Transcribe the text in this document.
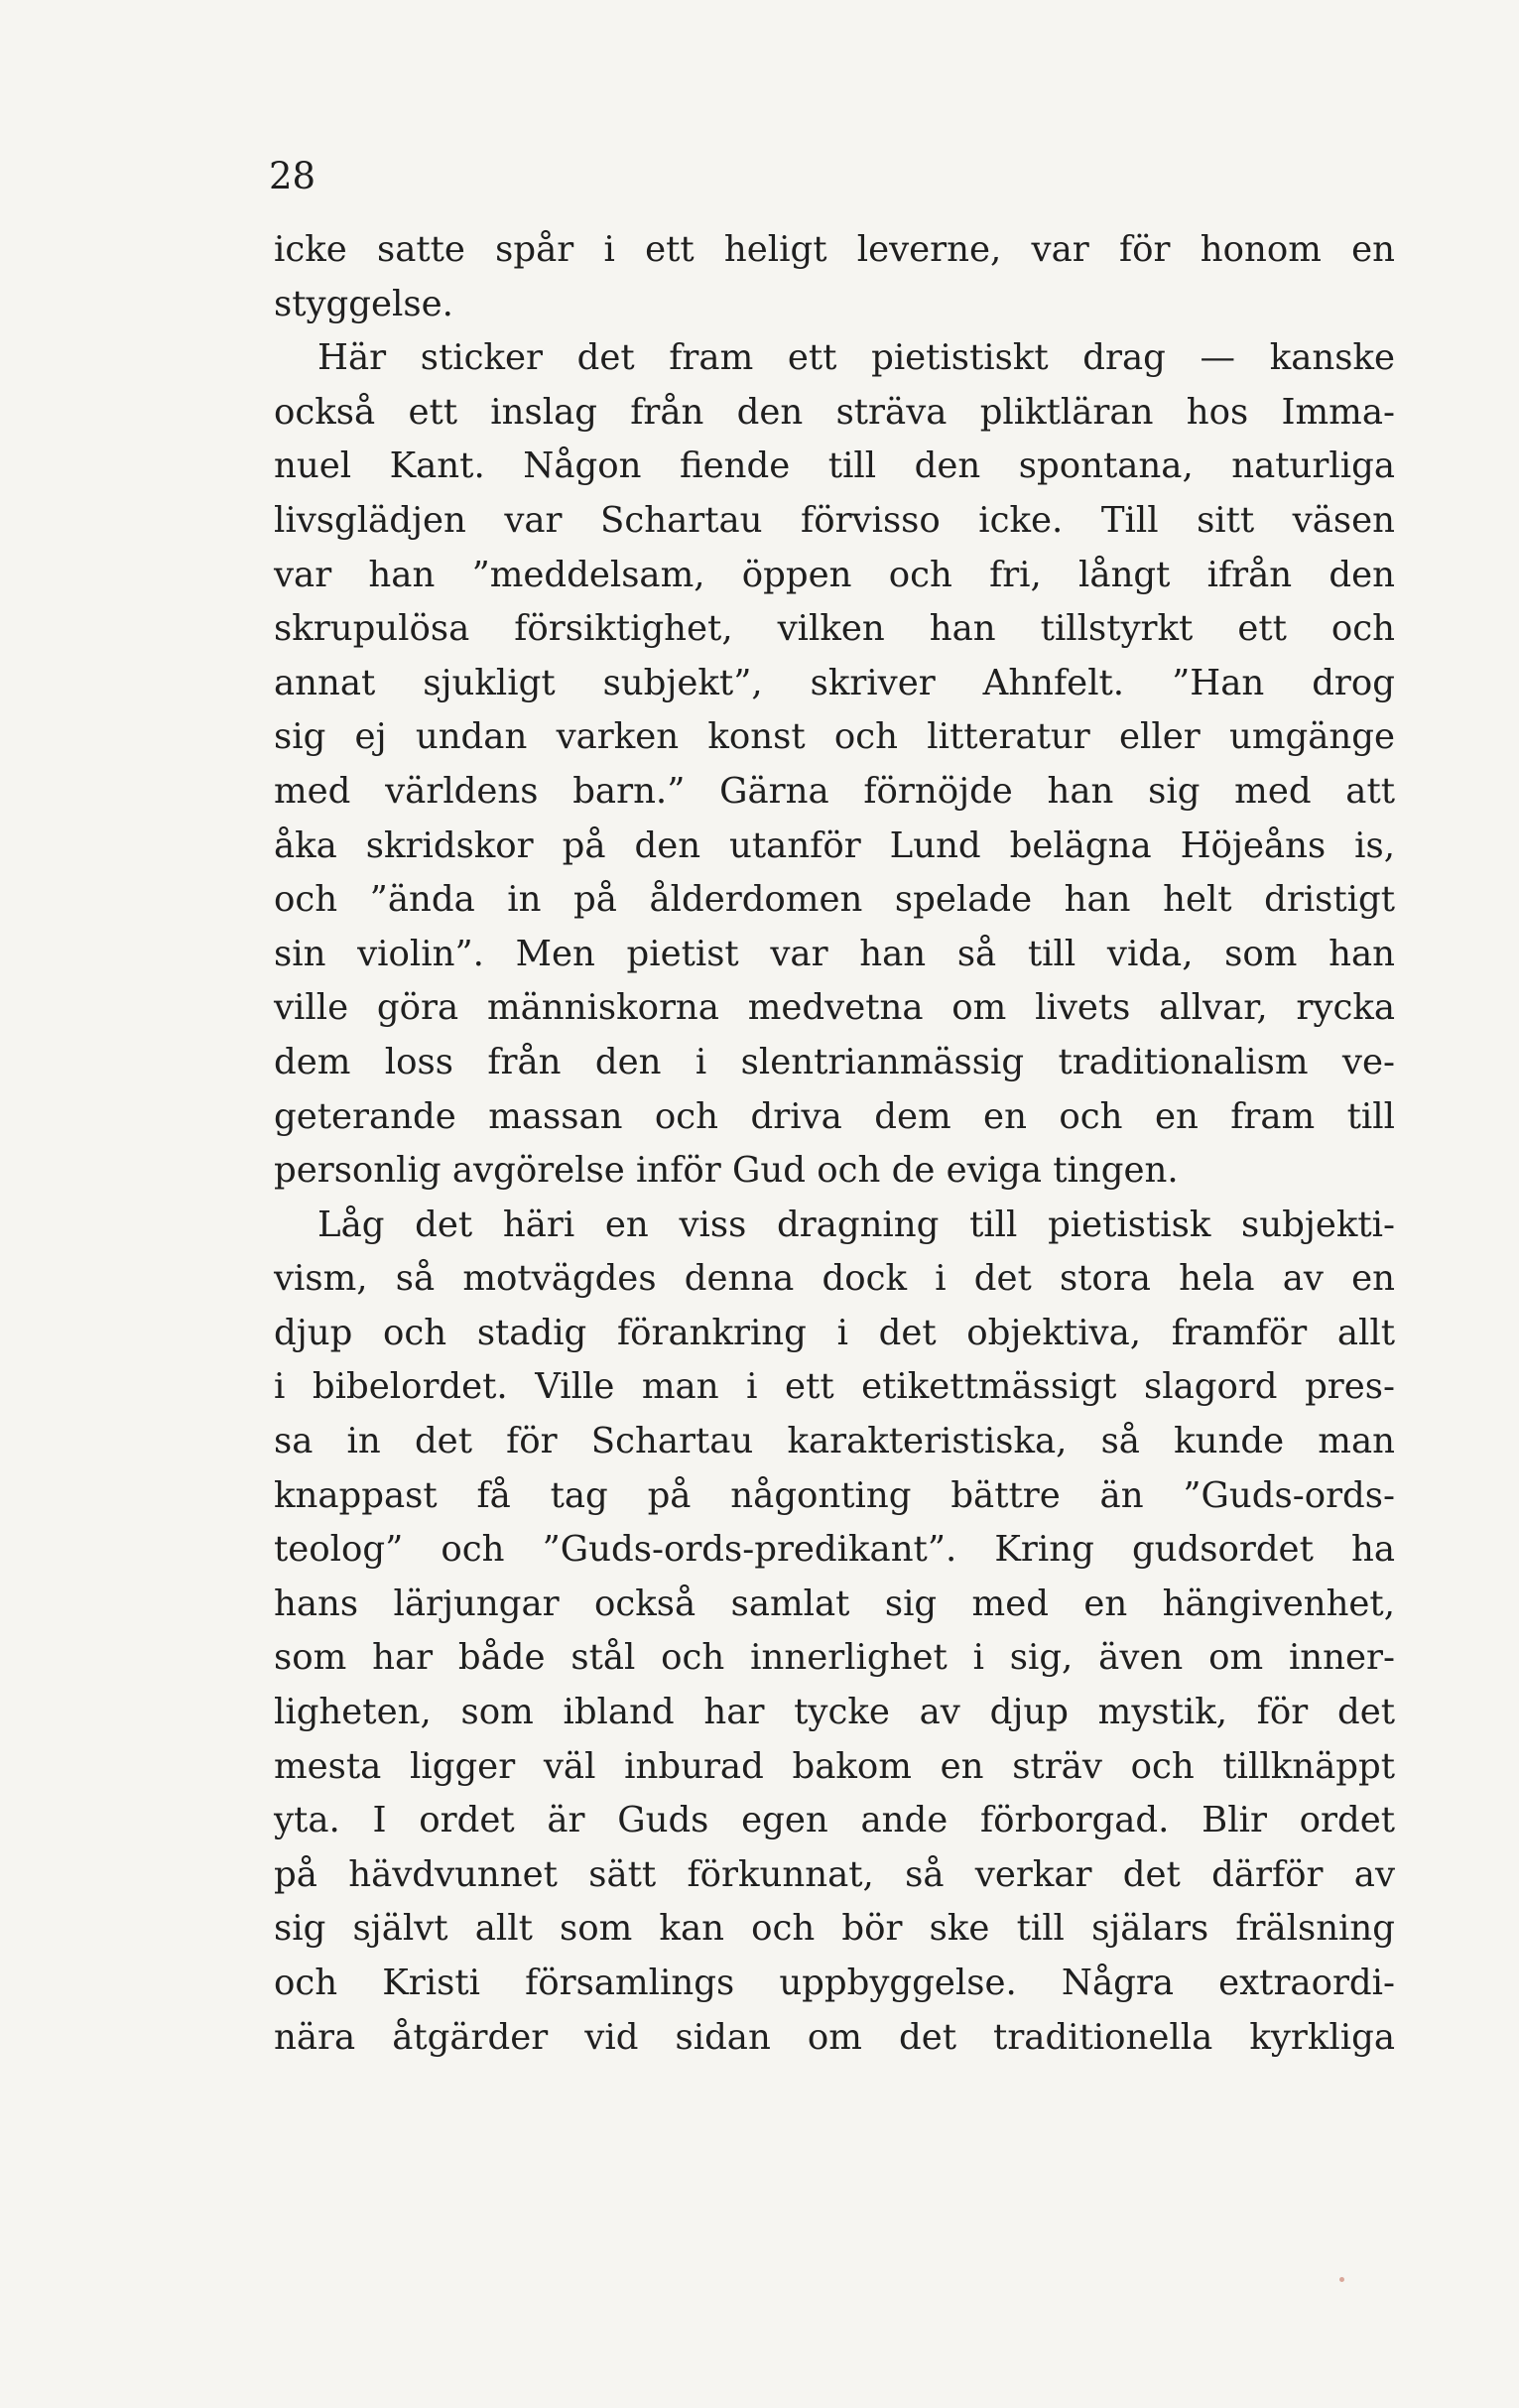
28

icke satte spår i ett heligt leverne, var för honom en

styggelse.

Här sticker det fram ett pietistiskt drag — kanske

också ett inslag från den sträva pliktläran hos Imma-

nuel Kant. Någon fiende till den spontana, naturliga

livsglädjen var Schartau förvisso icke. Till sitt väsen

var han ”meddelsam, öppen och fri, långt ifrån den

skrupulösa försiktighet, vilken han tillstyrkt ett och

annat sjukligt subjekt”, skriver Ahnfelt. ”Han drog

sig ej undan varken konst och litteratur eller umgänge

med världens barn.” Gärna förnöjde han sig med att

åka skridskor på den utanför Lund belägna Höjeåns is,

och ”ända in på ålderdomen spelade han helt dristigt

sin violin”. Men pietist var han så till vida, som han

ville göra människorna medvetna om livets allvar, rycka

dem loss från den i slentrianmässig traditionalism ve-

geterande massan och driva dem en och en fram till

personlig avgörelse inför Gud och de eviga tingen.

Låg det häri en viss dragning till pietistisk subjekti-

vism, så motvägdes denna dock i det stora hela av en

djup och stadig förankring i det objektiva, framför allt

i bibelordet. Ville man i ett etikettmässigt slagord pres-

sa in det för Schartau karakteristiska, så kunde man

knappast få tag på någonting bättre än ”Guds-ords-

teolog” och ”Guds-ords-predikant”. Kring gudsordet ha

hans lärjungar också samlat sig med en hängivenhet,

som har både stål och innerlighet i sig, även om inner-

ligheten, som ibland har tycke av djup mystik, för det

mesta ligger väl inburad bakom en sträv och tillknäppt

yta. I ordet är Guds egen ande förborgad. Blir ordet

på hävdvunnet sätt förkunnat, så verkar det därför av

sig självt allt som kan och bör ske till själars frälsning

och Kristi församlings uppbyggelse. Några extraordi-

nära åtgärder vid sidan om det traditionella kyrkliga
